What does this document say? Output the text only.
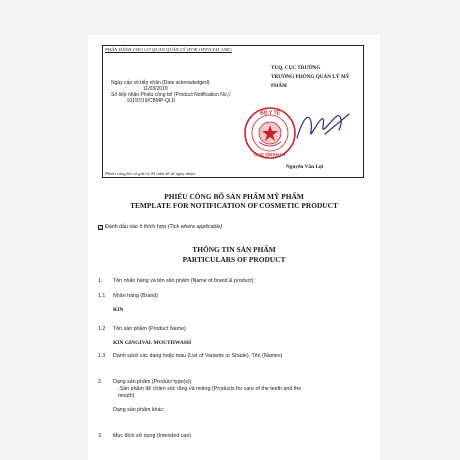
PHẦN DÀNH CHO CƠ QUAN QUẢN LÝ (FOR OFFICIAL USE)
Ngày cấp số tiếp nhận (Date acknowledged):
11/03/2019
Số tiếp nhận Phiếu công bố (Product Notification No.):
91197/19/CBMP-QLD
TUQ. CỤC TRƯỞNG
TRƯỞNG PHÒNG QUẢN LÝ MỸ PHẨM
BỘ Y TẾ
CỤC QUẢN LÝ
Nguyễn Văn Lợi
Phiếu công bố có giá trị 05 năm kể từ ngày nhận.
PHIẾU CÔNG BỐ SẢN PHẨM MỸ PHẨM
TEMPLATE FOR NOTIFICATION OF COSMETIC PRODUCT
☑ Đánh dấu vào ô thích hợp (Tick where applicable)
THÔNG TIN SẢN PHẨM
PARTICULARS OF PRODUCT
1. Tên nhãn hàng và tên sản phẩm (Name of brand & product) :
1.1 Nhãn hàng (Brand)
KIN
1.2 Tên sản phẩm (Product Name)
KIN GINGIVAL MOUTHWASH
1.3 Danh sách các dạng hoặc màu (List of Variants or Shade). Tên (Names)
2. Dạng sản phẩm (Product type(s))
-Sản phẩm để chăm sóc răng và miệng (Products for care of the teeth and the
mouth)
Dạng sản phẩm khác:
3. Mục đích sử dụng (Intended use)
